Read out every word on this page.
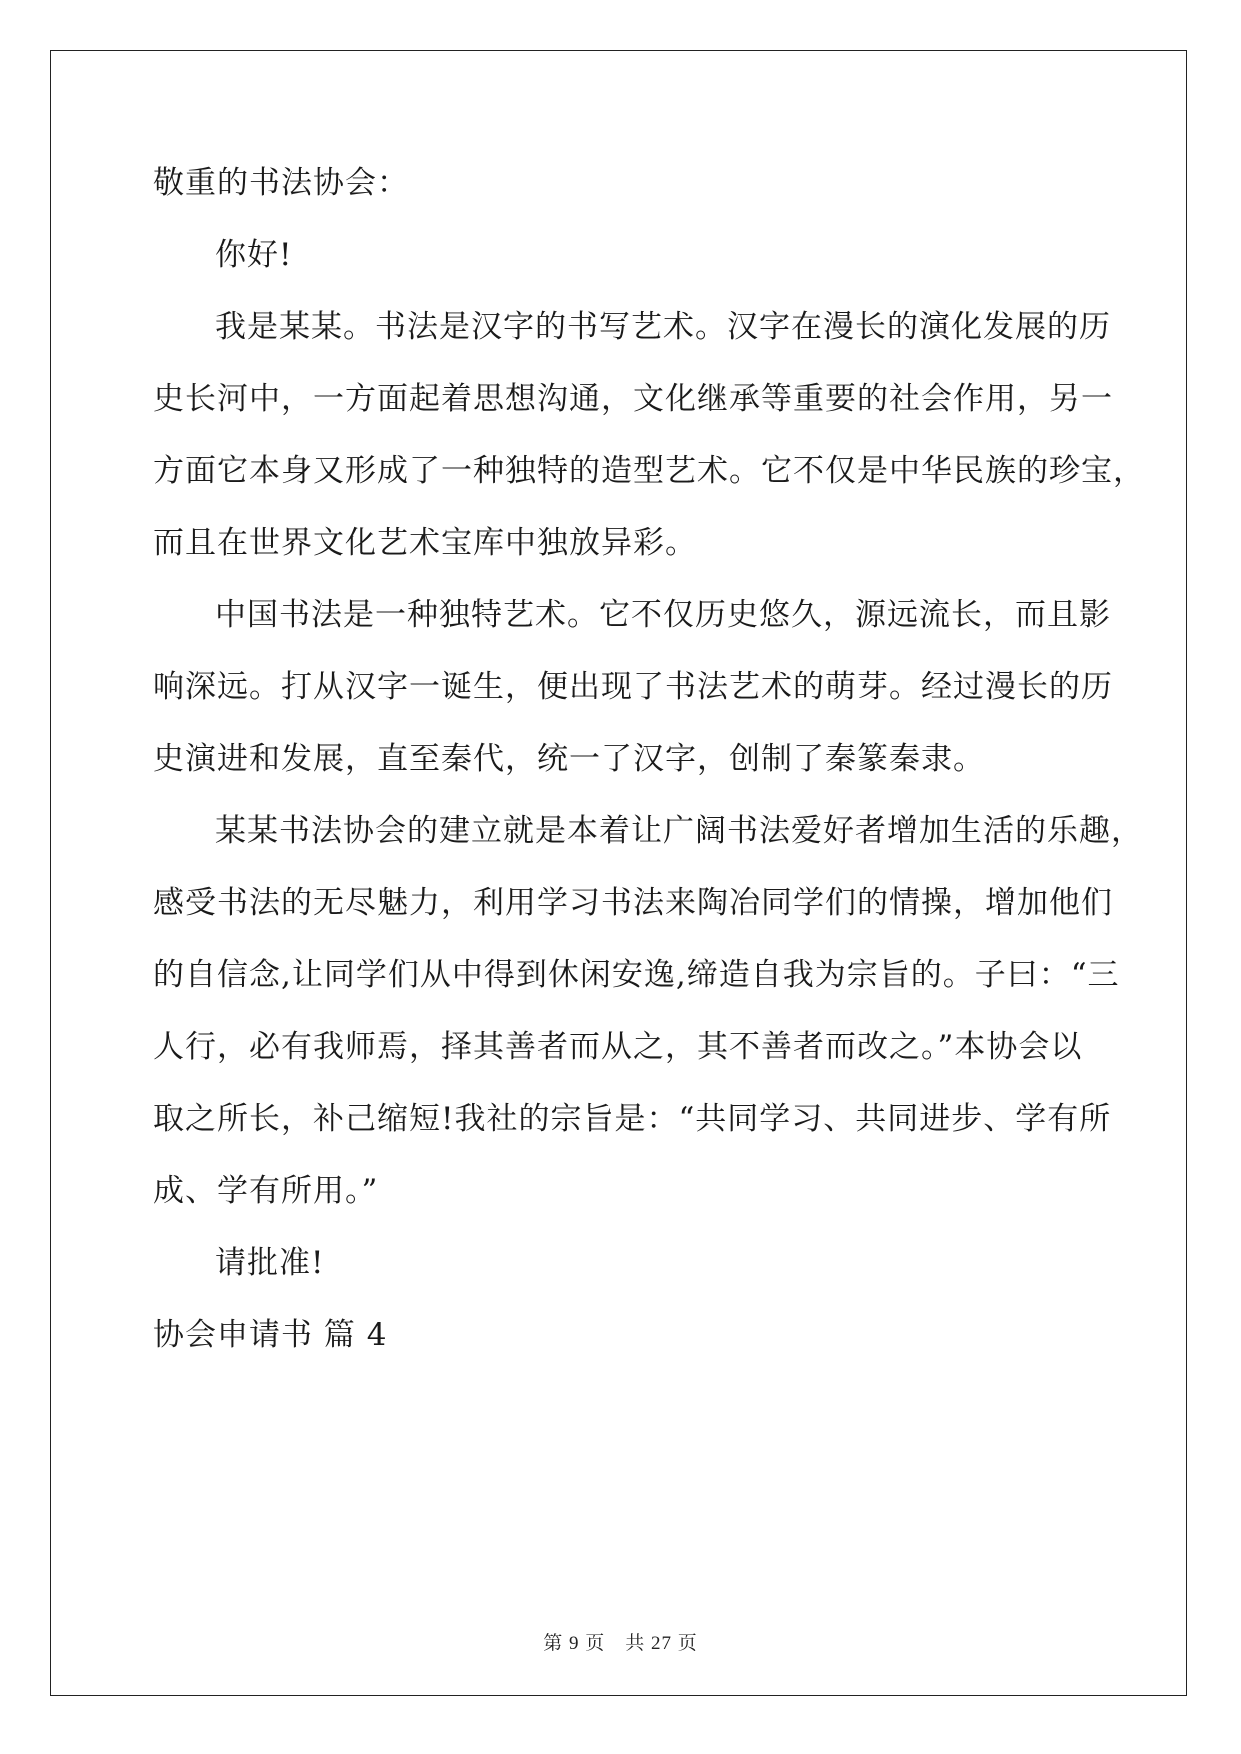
敬重的书法协会：
你好!
我是某某。书法是汉字的书写艺术。汉字在漫长的演化发展的历
史长河中，一方面起着思想沟通，文化继承等重要的社会作用，另一
方面它本身又形成了一种独特的造型艺术。它不仅是中华民族的珍宝，
而且在世界文化艺术宝库中独放异彩。
中国书法是一种独特艺术。它不仅历史悠久，源远流长，而且影
响深远。打从汉字一诞生，便出现了书法艺术的萌芽。经过漫长的历
史演进和发展，直至秦代，统一了汉字，创制了秦篆秦隶。
某某书法协会的建立就是本着让广阔书法爱好者增加生活的乐趣，
感受书法的无尽魅力，利用学习书法来陶冶同学们的情操，增加他们
的自信念,让同学们从中得到休闲安逸,缔造自我为宗旨的。子曰：“三
人行，必有我师焉，择其善者而从之，其不善者而改之。”本协会以
取之所长，补己缩短!我社的宗旨是：“共同学习、共同进步、学有所
成、学有所用。”
请批准!
协会申请书 篇 4
第 9 页 共 27 页
